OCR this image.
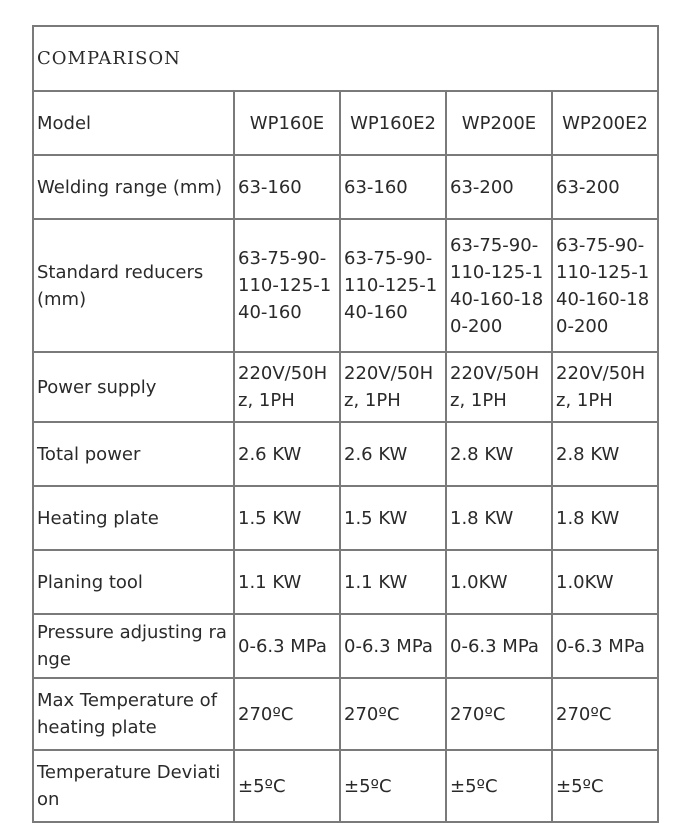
COMPARISON				
Model	WP160E	WP160E2	WP200E	WP200E2
Welding range (mm)	63-160	63-160	63-200	63-200
Standard reducers (mm)	63-75-90-110-125-140-160	63-75-90-110-125-140-160	63-75-90-110-125-140-160-180-200	63-75-90-110-125-140-160-180-200
Power supply	220V/50Hz, 1PH	220V/50Hz, 1PH	220V/50Hz, 1PH	220V/50Hz, 1PH
Total power	2.6 KW	2.6 KW	2.8 KW	2.8 KW
Heating plate	1.5 KW	1.5 KW	1.8 KW	1.8 KW
Planing tool	1.1 KW	1.1 KW	1.0KW	1.0KW
Pressure adjusting range	0-6.3 MPa	0-6.3 MPa	0-6.3 MPa	0-6.3 MPa
Max Temperature of heating plate	270ºC	270ºC	270ºC	270ºC
Temperature Deviation	±5ºC	±5ºC	±5ºC	±5ºC
